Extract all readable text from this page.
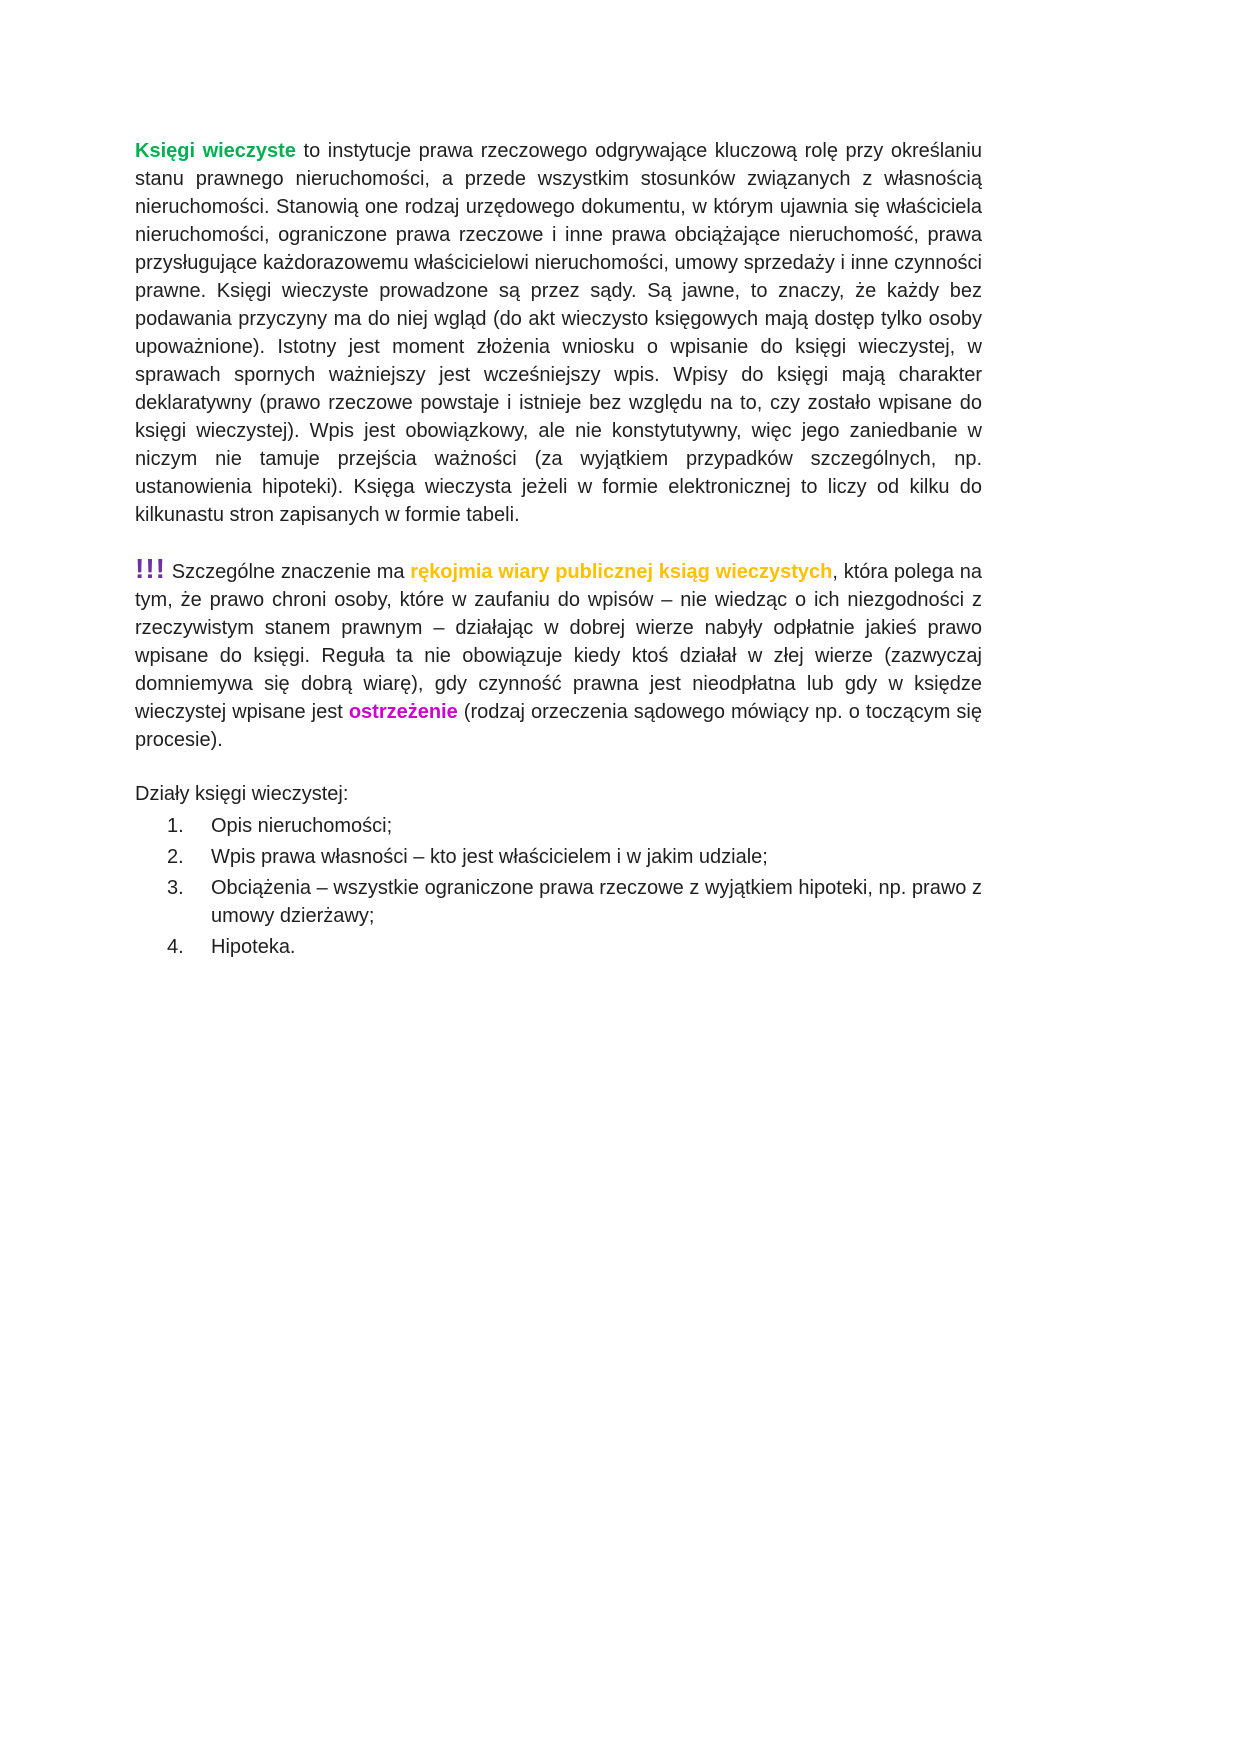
Księgi wieczyste to instytucje prawa rzeczowego odgrywające kluczową rolę przy określaniu stanu prawnego nieruchomości, a przede wszystkim stosunków związanych z własnością nieruchomości. Stanowią one rodzaj urzędowego dokumentu, w którym ujawnia się właściciela nieruchomości, ograniczone prawa rzeczowe i inne prawa obciążające nieruchomość, prawa przysługujące każdorazowemu właścicielowi nieruchomości, umowy sprzedaży i inne czynności prawne. Księgi wieczyste prowadzone są przez sądy. Są jawne, to znaczy, że każdy bez podawania przyczyny ma do niej wgląd (do akt wieczysto księgowych mają dostęp tylko osoby upoważnione). Istotny jest moment złożenia wniosku o wpisanie do księgi wieczystej, w sprawach spornych ważniejszy jest wcześniejszy wpis. Wpisy do księgi mają charakter deklaratywny (prawo rzeczowe powstaje i istnieje bez względu na to, czy zostało wpisane do księgi wieczystej). Wpis jest obowiązkowy, ale nie konstytutywny, więc jego zaniedbanie w niczym nie tamuje przejścia ważności (za wyjątkiem przypadków szczególnych, np. ustanowienia hipoteki). Księga wieczysta jeżeli w formie elektronicznej to liczy od kilku do kilkunastu stron zapisanych w formie tabeli.

!!! Szczególne znaczenie ma rękojmia wiary publicznej ksiąg wieczystych, która polega na tym, że prawo chroni osoby, które w zaufaniu do wpisów – nie wiedząc o ich niezgodności z rzeczywistym stanem prawnym – działając w dobrej wierze nabyły odpłatnie jakieś prawo wpisane do księgi. Reguła ta nie obowiązuje kiedy ktoś działał w złej wierze (zazwyczaj domniemywa się dobrą wiarę), gdy czynność prawna jest nieodpłatna lub gdy w księdze wieczystej wpisane jest ostrzeżenie (rodzaj orzeczenia sądowego mówiący np. o toczącym się procesie).

Działy księgi wieczystej:

1.	Opis nieruchomości;
2.	Wpis prawa własności – kto jest właścicielem i w jakim udziale;
3.	Obciążenia – wszystkie ograniczone prawa rzeczowe z wyjątkiem hipoteki, np. prawo z umowy dzierżawy;
4.	Hipoteka.
